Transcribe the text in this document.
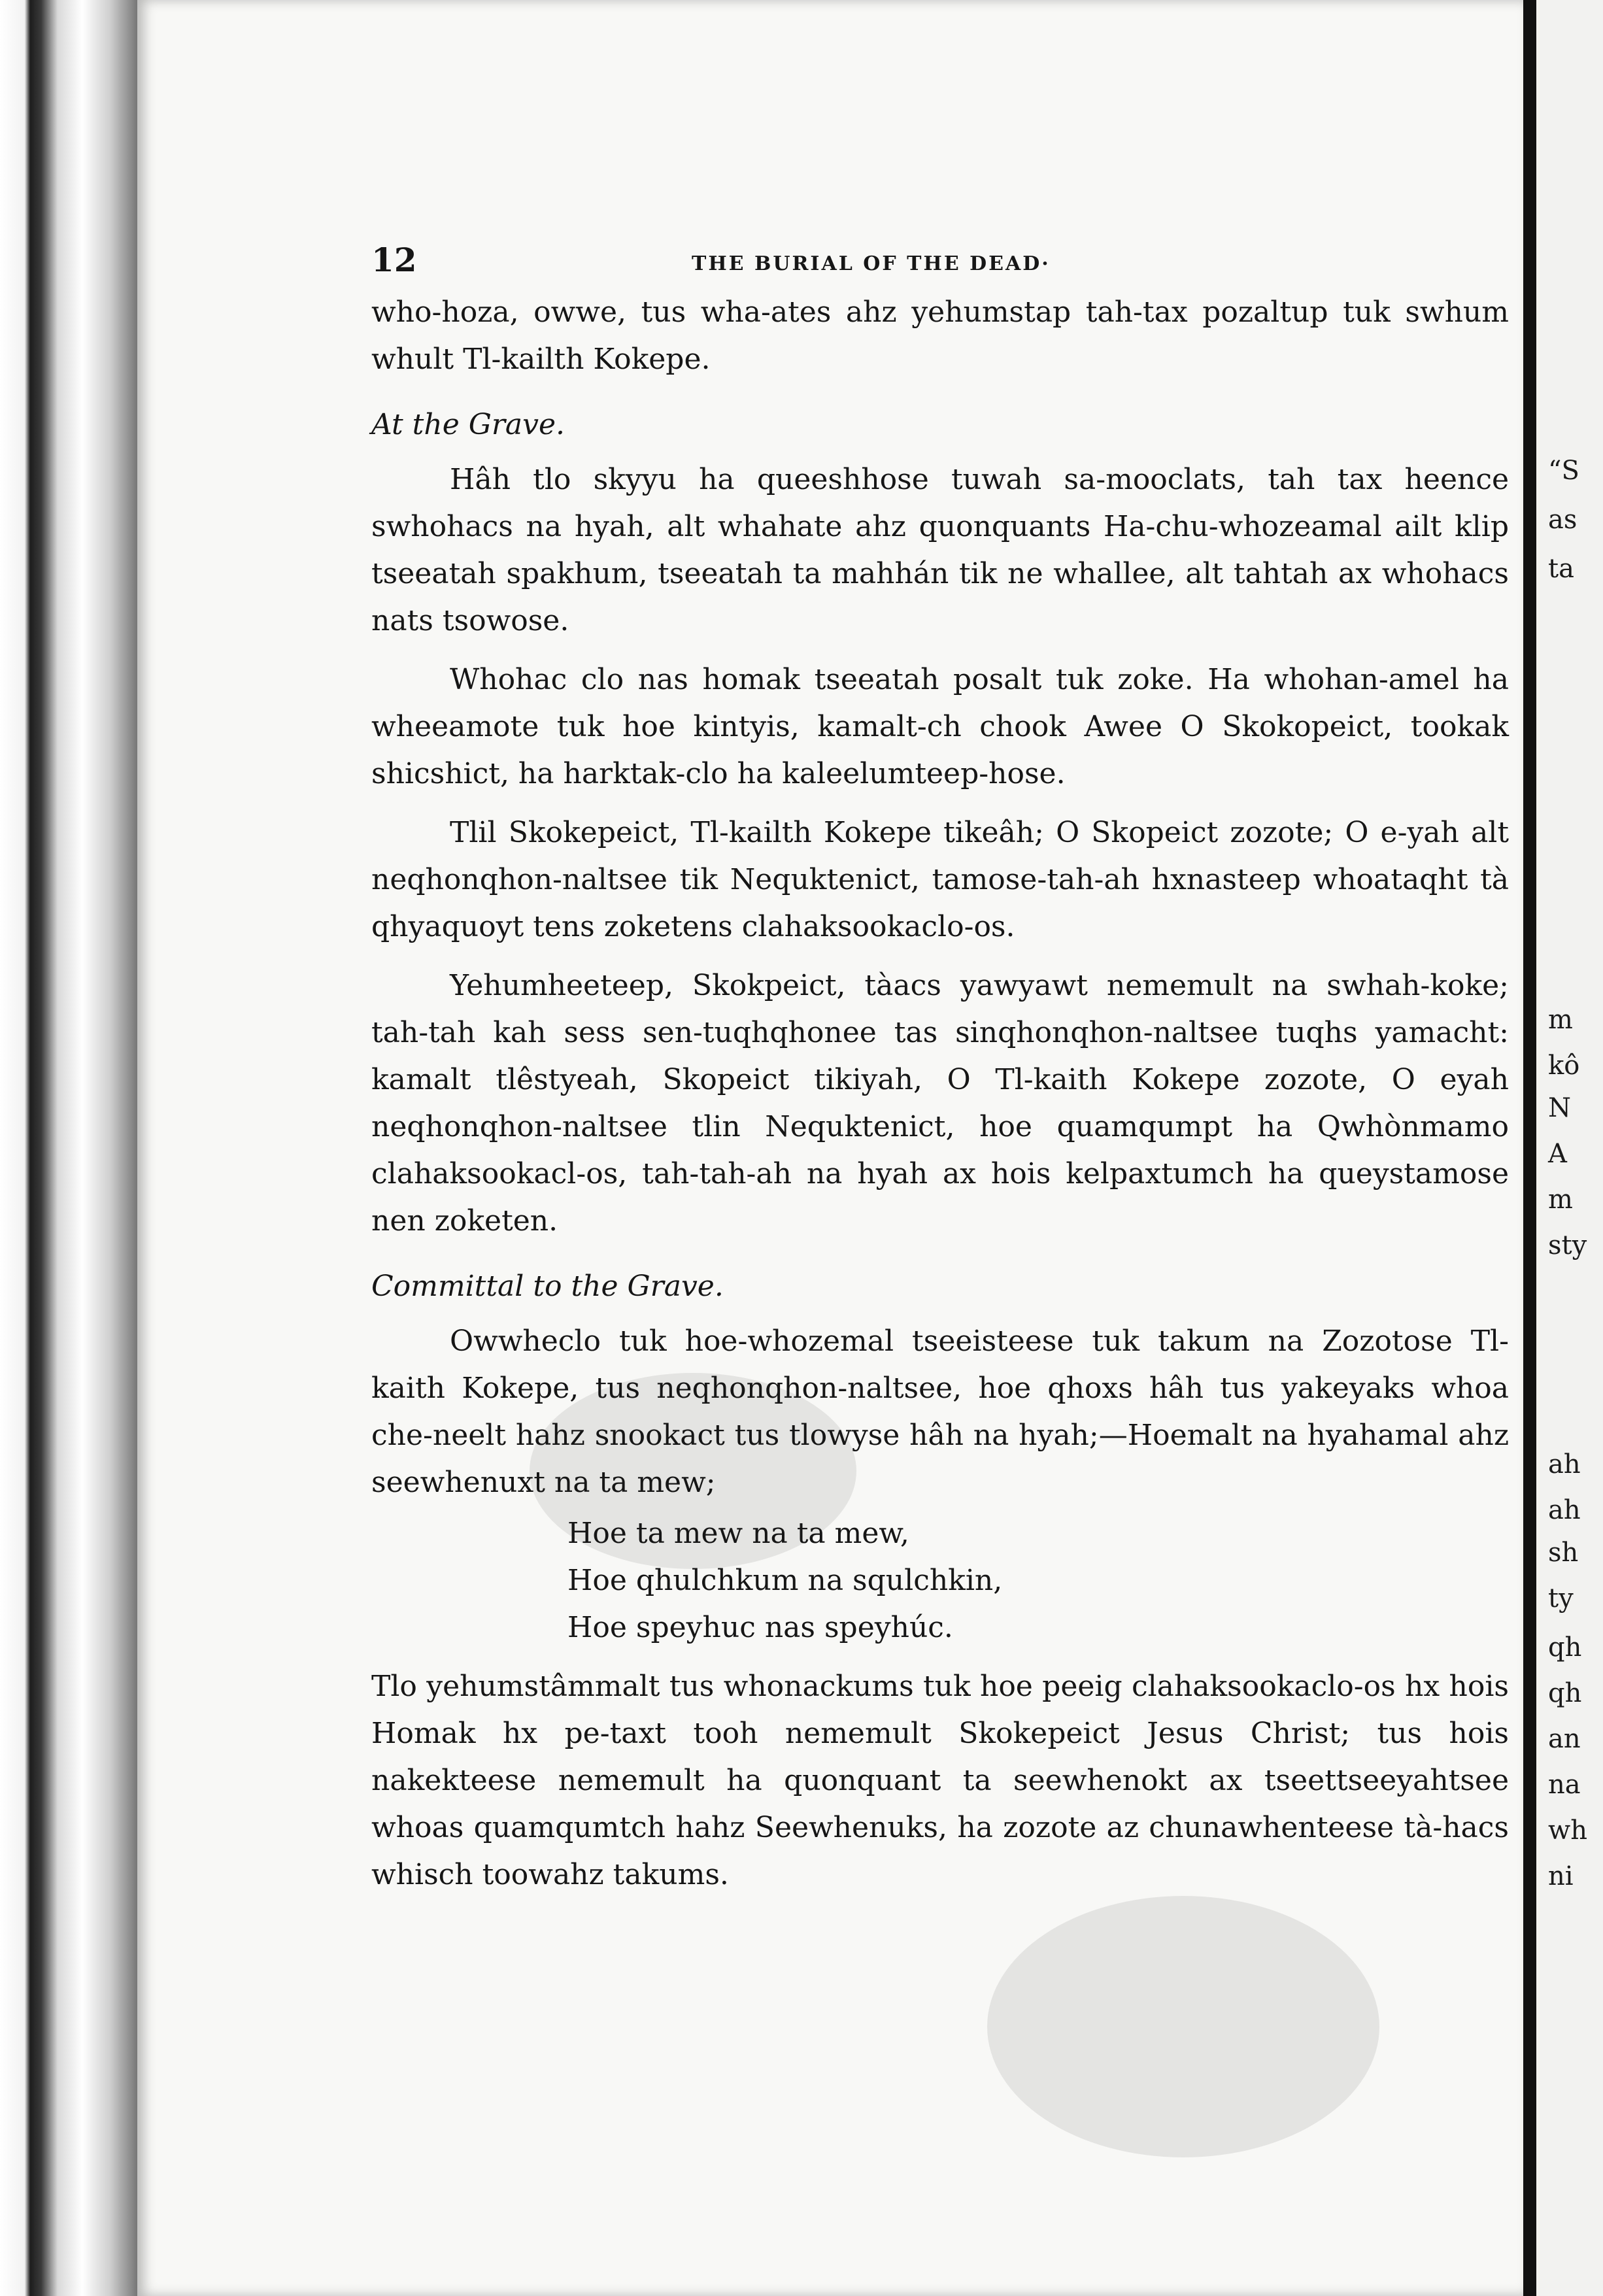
“S
as
ta
m
kô
N
A
m
sty
ah
ah
sh
ty
qh
qh
an
na
wh
ni
12	THE BURIAL OF THE DEAD·

who-hoza, owwe, tus wha-ates ahz yehumstap tah-tax pozaltup tuk swhum whult Tl-kailth Kokepe.

At the Grave.

Hâh tlo skyyu ha queeshhose tuwah sa-mooclats, tah tax heence swhohacs na hyah, alt whahate ahz quonquants Ha-chu-whozeamal ailt klip tseeatah spakhum, tseeatah ta mahhán tik ne whallee, alt tahtah ax whohacs nats tsowose.

Whohac clo nas homak tseeatah posalt tuk zoke. Ha whohan-amel ha wheeamote tuk hoe kintyis, kamalt-ch chook Awee O Skokopeict, tookak shicshict, ha harktak-clo ha kaleelumteep-hose.

Tlil Skokepeict, Tl-kailth Kokepe tikeâh; O Skopeict zozote; O e-yah alt neqhonqhon-naltsee tik Nequktenict, tamose-tah-ah hxnasteep whoataqht tà qhyaquoyt tens zoketens clahaksookaclo-os.

Yehumheeteep, Skokpeict, tàacs yawyawt nememult na swhah-koke; tah-tah kah sess sen-tuqhqhonee tas sinqhonqhon-naltsee tuqhs yamacht: kamalt tlêstyeah, Skopeict tikiyah, O Tl-kaith Kokepe zozote, O eyah neqhonqhon-naltsee tlin Nequktenict, hoe quamqumpt ha Qwhònmamo clahaksookacl-os, tah-tah-ah na hyah ax hois kelpaxtumch ha queystamose nen zoketen.

Committal to the Grave.

Owwheclo tuk hoe-whozemal tseeisteese tuk takum na Zozotose Tl-kaith Kokepe, tus neqhonqhon-naltsee, hoe qhoxs hâh tus yakeyaks whoa che-neelt hahz snookact tus tlowyse hâh na hyah;—Hoemalt na hyahamal ahz seewhenuxt na ta mew;

Hoe ta mew na ta mew,
Hoe qhulchkum na squlchkin,
Hoe speyhuc nas speyhúc.

Tlo yehumstâmmalt tus whonackums tuk hoe peeig clahaksookaclo-os hx hois Homak hx pe-taxt tooh nememult Skokepeict Jesus Christ; tus hois nakekteese nememult ha quonquant ta seewhenokt ax tseettseeyahtsee whoas quamqumtch hahz Seewhenuks, ha zozote az chunawhenteese tà-hacs whisch toowahz takums.
